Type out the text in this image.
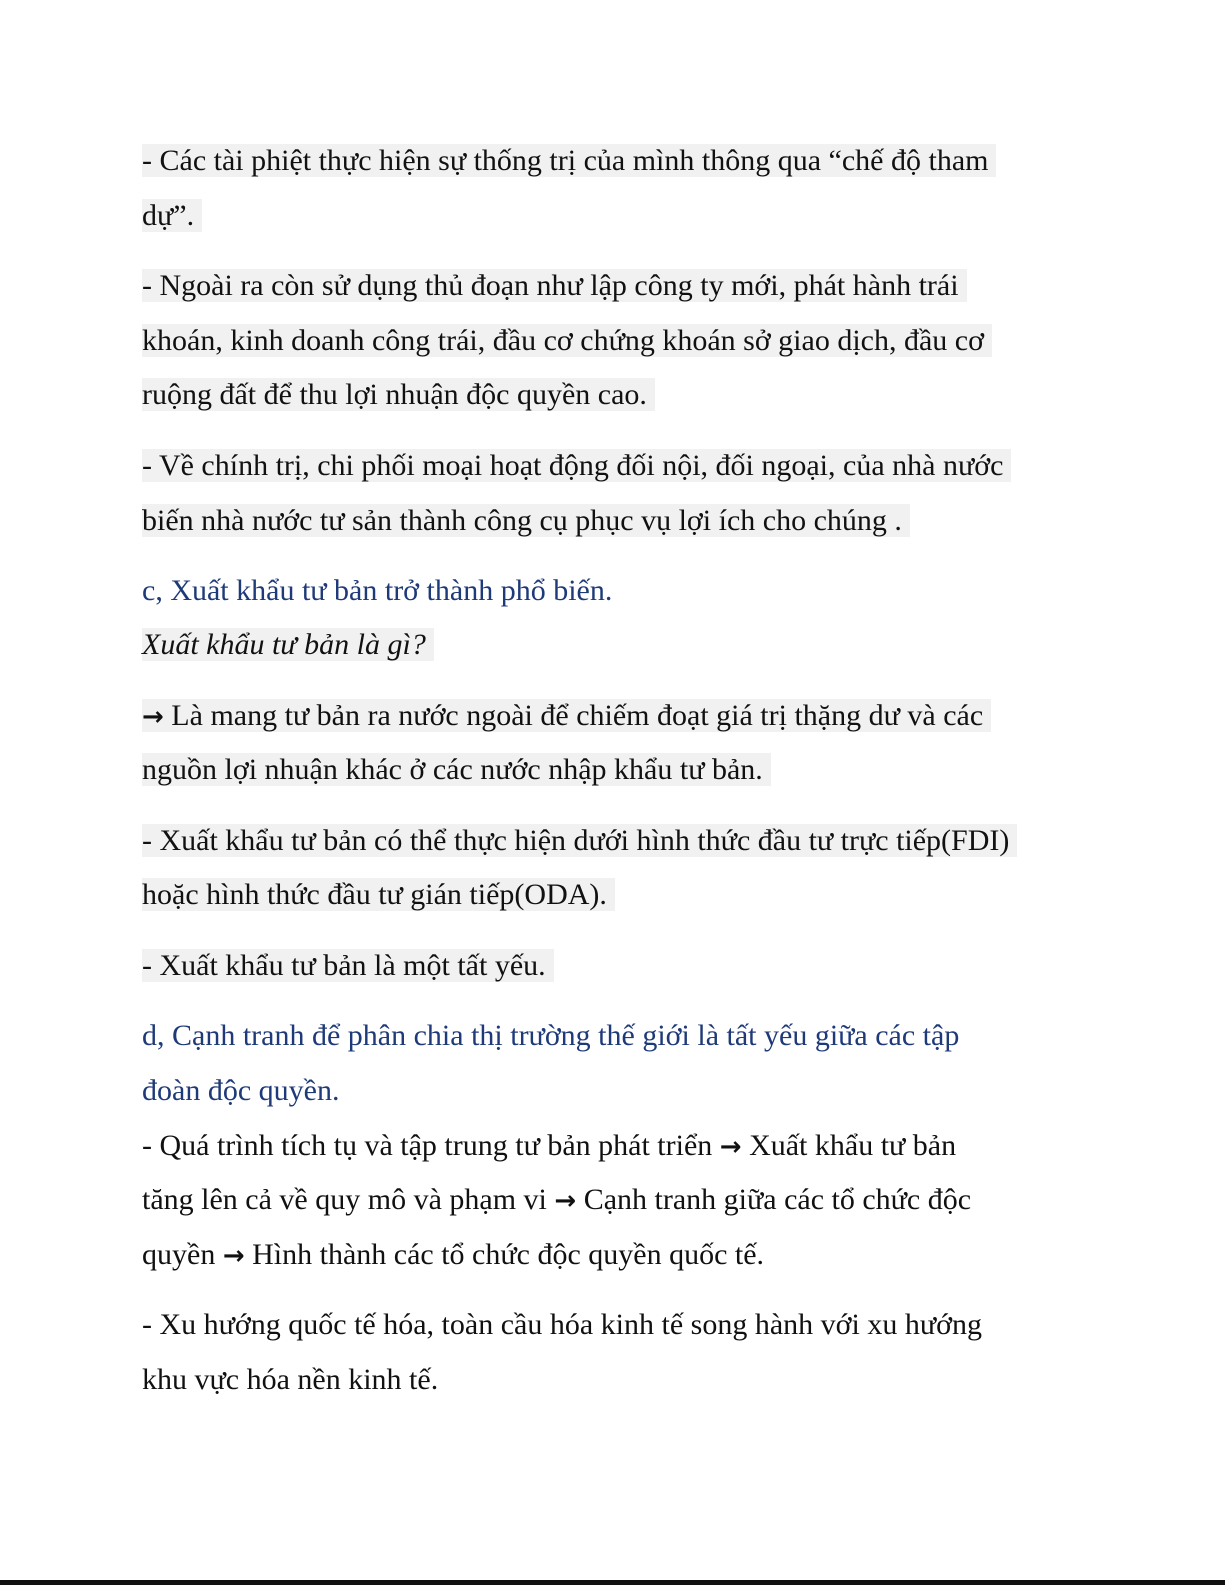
- Các tài phiệt thực hiện sự thống trị của mình thông qua “chế độ tham
dự”.
- Ngoài ra còn sử dụng thủ đoạn như lập công ty mới, phát hành trái
khoán, kinh doanh công trái, đầu cơ chứng khoán sở giao dịch, đầu cơ
ruộng đất để thu lợi nhuận độc quyền cao.
- Về chính trị, chi phối moại hoạt động đối nội, đối ngoại, của nhà nước
biến nhà nước tư sản thành công cụ phục vụ lợi ích cho chúng .
c, Xuất khẩu tư bản trở thành phổ biến.
Xuất khẩu tư bản là gì?
→ Là mang tư bản ra nước ngoài để chiếm đoạt giá trị thặng dư và các
nguồn lợi nhuận khác ở các nước nhập khẩu tư bản.
- Xuất khẩu tư bản có thể thực hiện dưới hình thức đầu tư trực tiếp(FDI)
hoặc hình thức đầu tư gián tiếp(ODA).
- Xuất khẩu tư bản là một tất yếu.
d, Cạnh tranh để phân chia thị trường thế giới là tất yếu giữa các tập
đoàn độc quyền.
- Quá trình tích tụ và tập trung tư bản phát triển → Xuất khẩu tư bản
tăng lên cả về quy mô và phạm vi → Cạnh tranh giữa các tổ chức độc
quyền → Hình thành các tổ chức độc quyền quốc tế.
- Xu hướng quốc tế hóa, toàn cầu hóa kinh tế song hành với xu hướng
khu vực hóa nền kinh tế.
